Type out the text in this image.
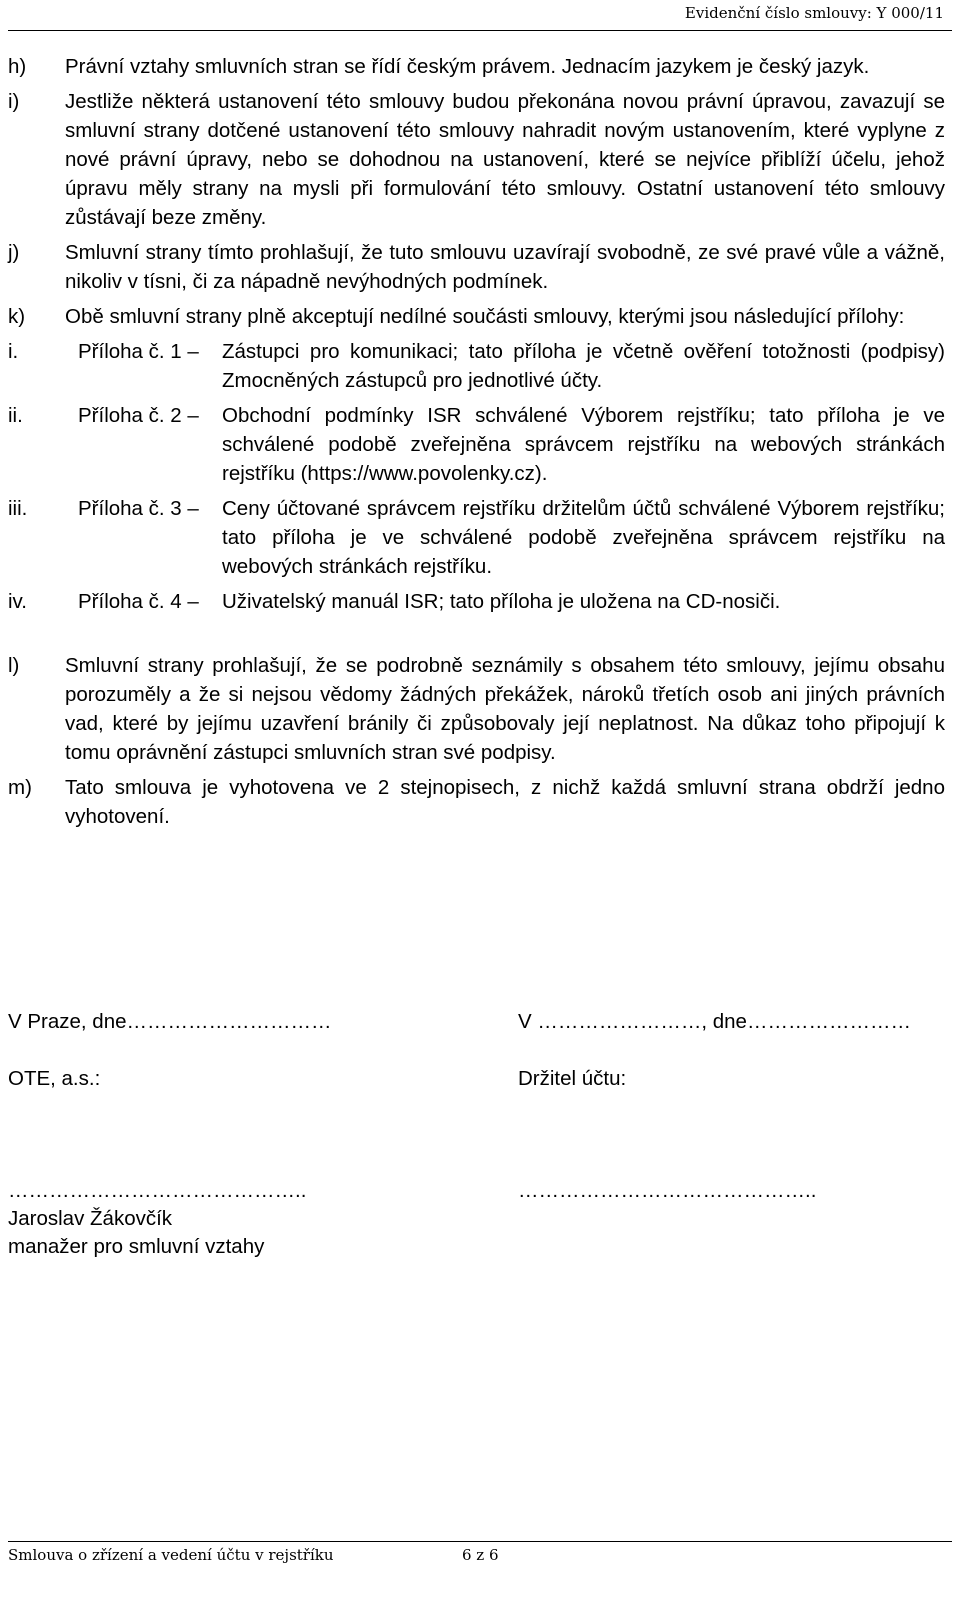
Evidenční číslo smlouvy: Y 000/11
h) Právní vztahy smluvních stran se řídí českým právem. Jednacím jazykem je český jazyk.
i) Jestliže některá ustanovení této smlouvy budou překonána novou právní úpravou, zavazují se smluvní strany dotčené ustanovení této smlouvy nahradit novým ustanovením, které vyplyne z nové právní úpravy, nebo se dohodnou na ustanovení, které se nejvíce přiblíží účelu, jehož úpravu měly strany na mysli při formulování této smlouvy. Ostatní ustanovení této smlouvy zůstávají beze změny.
j) Smluvní strany tímto prohlašují, že tuto smlouvu uzavírají svobodně, ze své pravé vůle a vážně, nikoliv v tísni, či za nápadně nevýhodných podmínek.
k) Obě smluvní strany plně akceptují nedílné součásti smlouvy, kterými jsou následující přílohy:
i.	Příloha č. 1 – Zástupci pro komunikaci; tato příloha je včetně ověření totožnosti (podpisy) Zmocněných zástupců pro jednotlivé účty.
ii.	Příloha č. 2 – Obchodní podmínky ISR schválené Výborem rejstříku; tato příloha je ve schválené podobě zveřejněna správcem rejstříku na webových stránkách rejstříku (https://www.povolenky.cz).
iii. Příloha č. 3 – Ceny účtované správcem rejstříku držitelům účtů schválené Výborem rejstříku; tato příloha je ve schválené podobě zveřejněna správcem rejstříku na webových stránkách rejstříku.
iv. Příloha č. 4 – Uživatelský manuál ISR; tato příloha je uložena na CD-nosiči.
l) Smluvní strany prohlašují, že se podrobně seznámily s obsahem této smlouvy, jejímu obsahu porozuměly a že si nejsou vědomy žádných překážek, nároků třetích osob ani jiných právních vad, které by jejímu uzavření bránily či způsobovaly její neplatnost. Na důkaz toho připojují k tomu oprávnění zástupci smluvních stran své podpisy.
m) Tato smlouva je vyhotovena ve 2 stejnopisech, z nichž každá smluvní strana obdrží jedno vyhotovení.
V Praze, dne…………………………	V ……………………, dne……………………
OTE, a.s.:	Držitel účtu:
……………………………………..	……………………………………..
Jaroslav Žákovčík
manažer pro smluvní vztahy
Smlouva o zřízení a vedení účtu v rejstříku	6 z 6
